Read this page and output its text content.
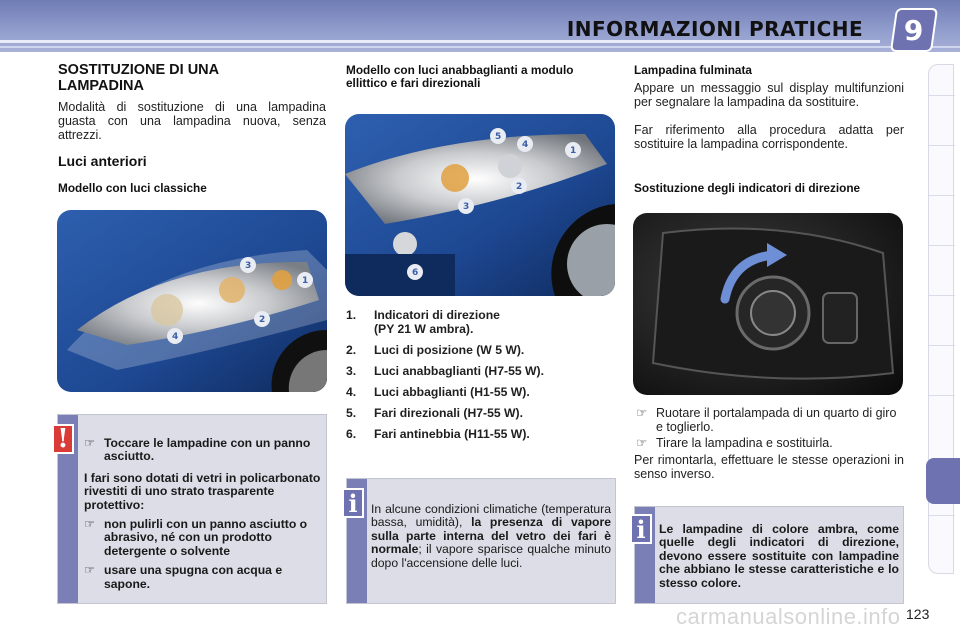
INFORMAZIONI PRATICHE 9
SOSTITUZIONE DI UNA LAMPADINA
Modalità di sostituzione di una lampadina guasta con una lampadina nuova, senza attrezzi.
Luci anteriori
Modello con luci classiche
1
2
3
4
☞ Toccare le lampadine con un panno asciutto.
I fari sono dotati di vetri in policarbonato rivestiti di uno strato trasparente protettivo:
☞ non pulirli con un panno asciutto o abrasivo, né con un prodotto detergente o solvente
☞ usare una spugna con acqua e sapone.
!
Modello con luci anabbaglianti a modulo ellittico e fari direzionali
1
2
3
4
5
6
1.	Indicatori di direzione
(PY 21 W ambra).
2.	Luci di posizione (W 5 W).
3.	Luci anabbaglianti (H7-55 W).
4.	Luci abbaglianti (H1-55 W).
5.	Fari direzionali (H7-55 W).
6.	Fari antinebbia (H11-55 W).
In alcune condizioni climatiche (temperatura bassa, umidità), la presenza di vapore sulla parte interna del vetro dei fari è normale; il vapore sparisce qualche minuto dopo l'accensione delle luci.
i
Lampadina fulminata
Appare un messaggio sul display multifunzioni per segnalare la lampadina da sostituire.
Far riferimento alla procedura adatta per sostituire la lampadina corrispondente.
Sostituzione degli indicatori di direzione
☞ Ruotare il portalampada di un quarto di giro e toglierlo.
☞ Tirare la lampadina e sostituirla.
Per rimontarla, effettuare le stesse operazioni in senso inverso.
Le lampadine di colore ambra, come quelle degli indicatori di direzione, devono essere sostituite con lampadine che abbiano le stesse caratteristiche e lo stesso colore.
i
carmanualsonline.info 123
